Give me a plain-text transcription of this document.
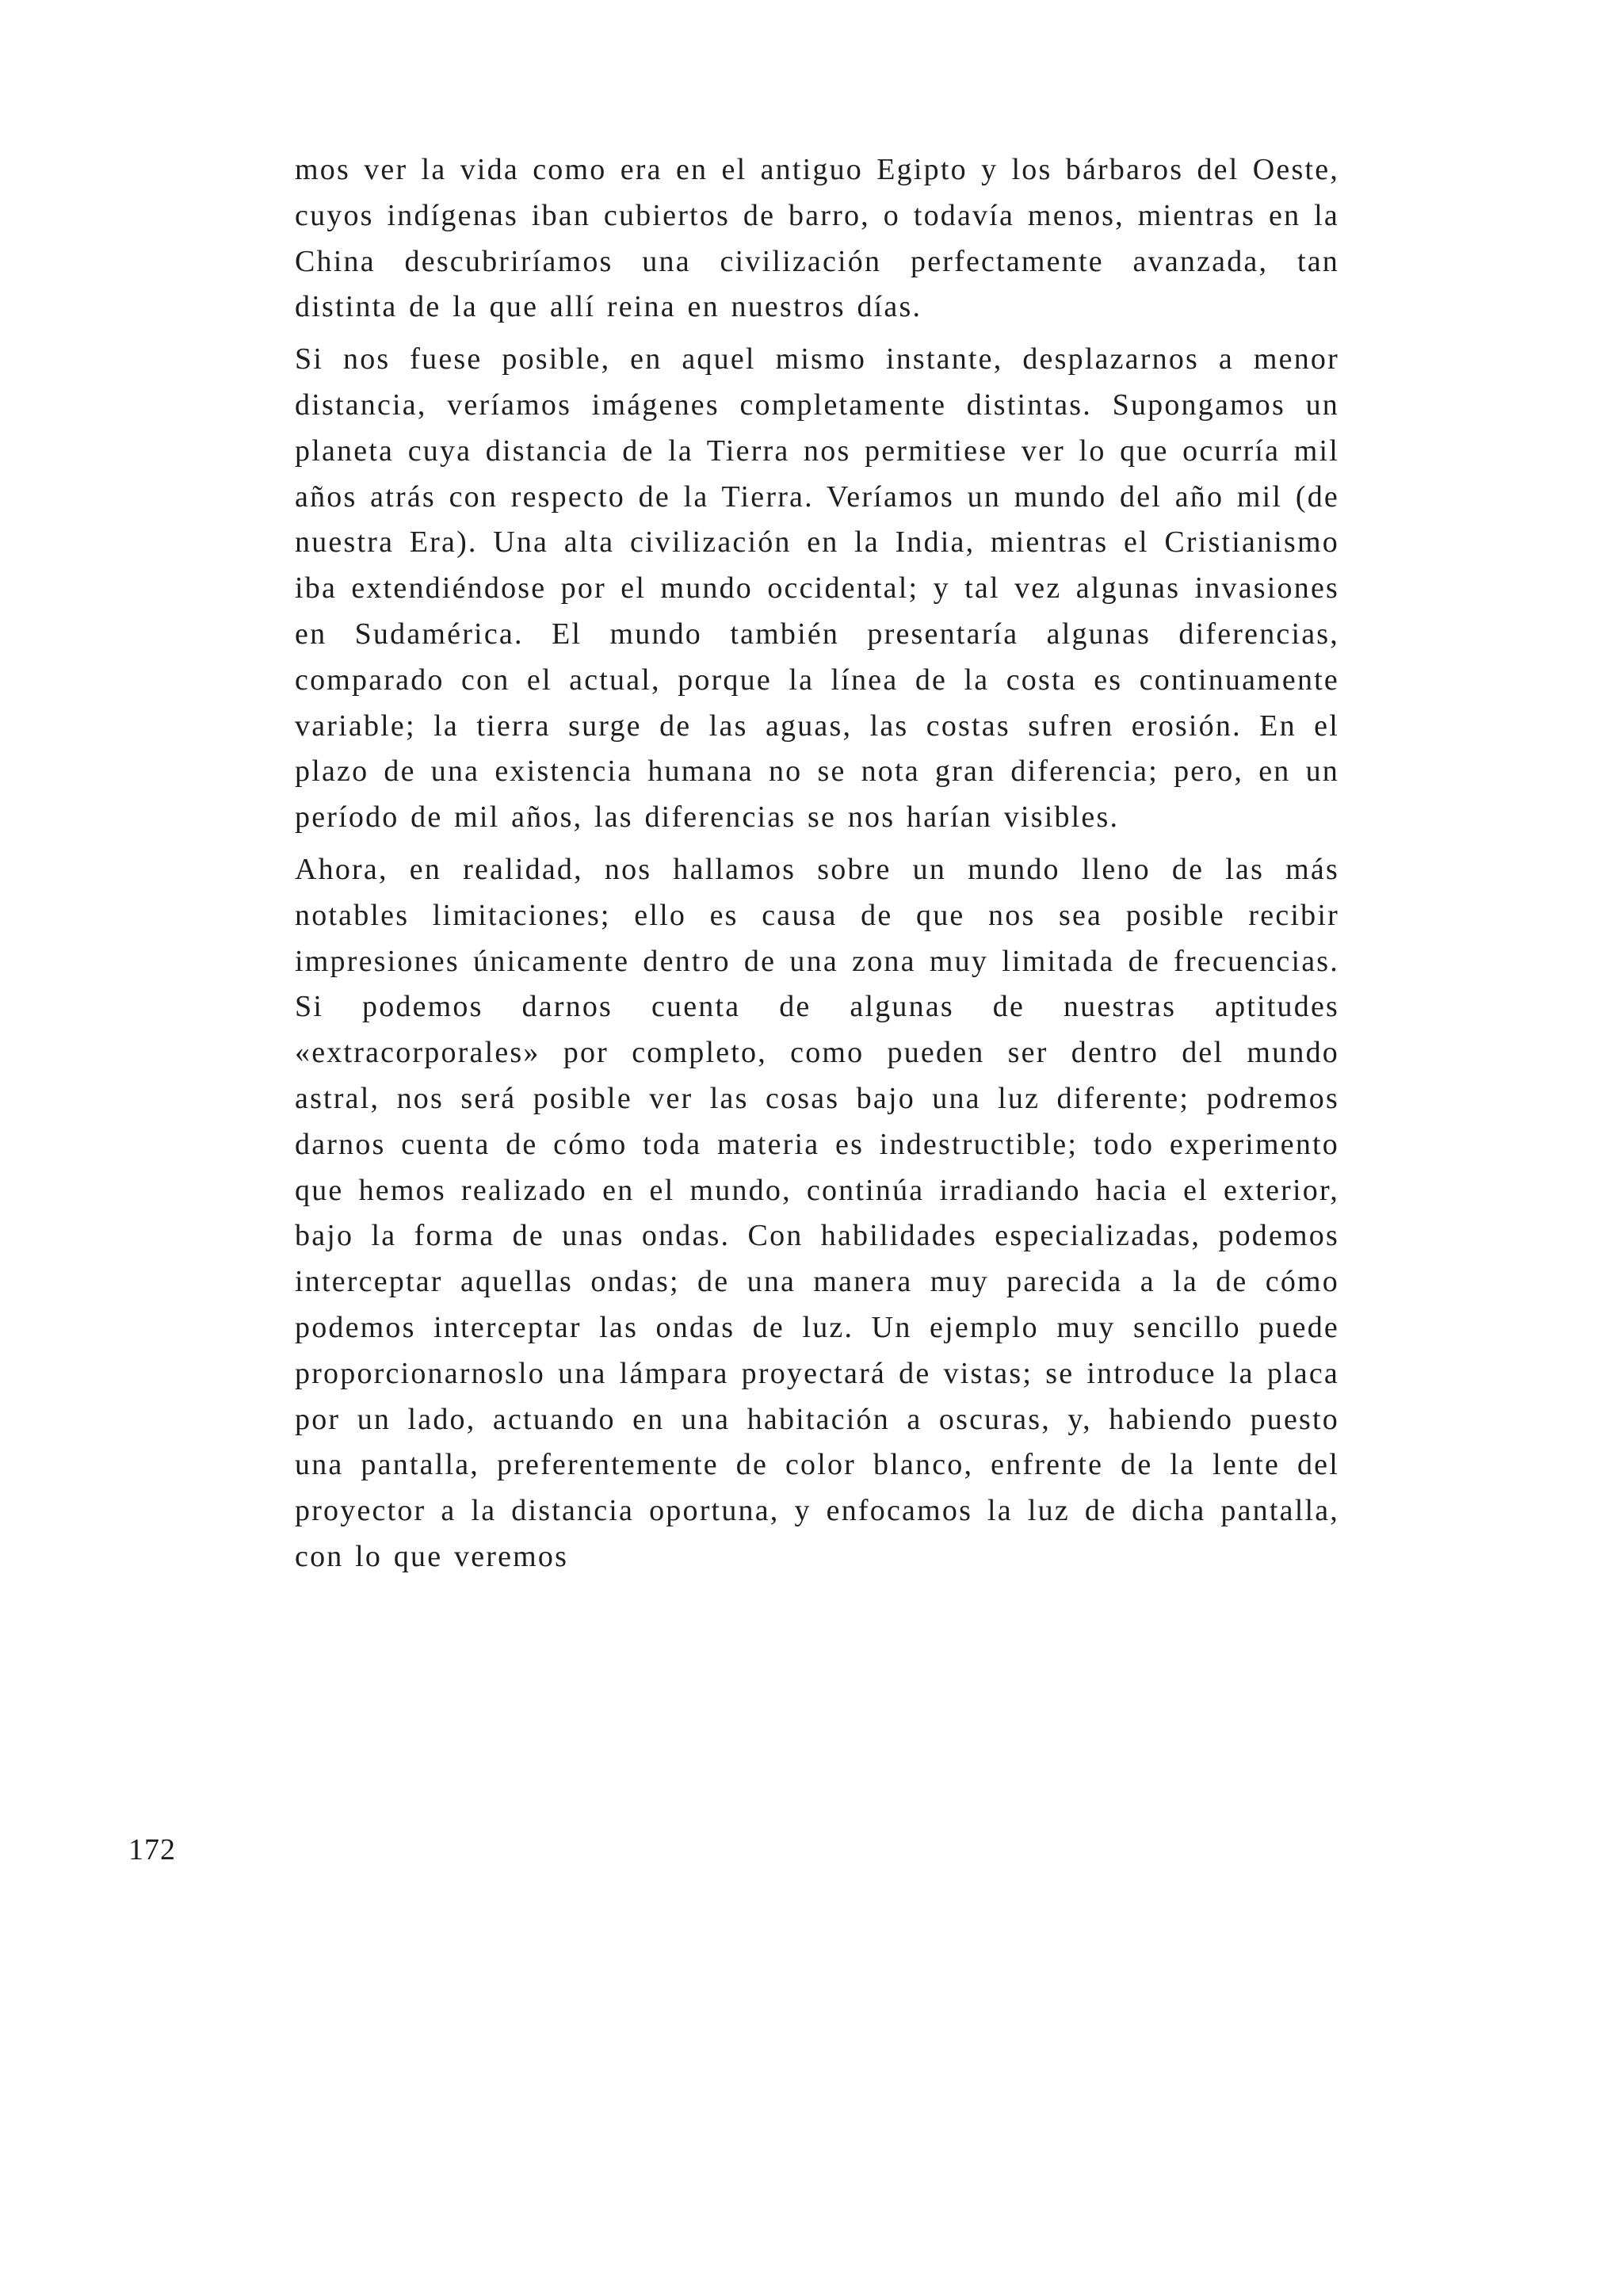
mos ver la vida como era en el antiguo Egipto y los bárbaros del Oeste, cuyos indígenas iban cubiertos de barro, o todavía menos, mientras en la China descubriríamos una civilización perfectamente avanzada, tan distinta de la que allí reina en nuestros días.

Si nos fuese posible, en aquel mismo instante, desplazarnos a menor distancia, veríamos imágenes completamente distintas. Supongamos un planeta cuya distancia de la Tierra nos permitiese ver lo que ocurría mil años atrás con respecto de la Tierra. Veríamos un mundo del año mil (de nuestra Era). Una alta civilización en la India, mientras el Cristianismo iba extendiéndose por el mundo occidental; y tal vez algunas invasiones en Sudamérica. El mundo también presentaría algunas diferencias, comparado con el actual, porque la línea de la costa es continuamente variable; la tierra surge de las aguas, las costas sufren erosión. En el plazo de una existencia humana no se nota gran diferencia; pero, en un período de mil años, las diferencias se nos harían visibles.

Ahora, en realidad, nos hallamos sobre un mundo lleno de las más notables limitaciones; ello es causa de que nos sea posible recibir impresiones únicamente dentro de una zona muy limitada de frecuencias. Si podemos darnos cuenta de algunas de nuestras aptitudes «extracorporales» por completo, como pueden ser dentro del mundo astral, nos será posible ver las cosas bajo una luz diferente; podremos darnos cuenta de cómo toda materia es indestructible; todo experimento que hemos realizado en el mundo, continúa irradiando hacia el exterior, bajo la forma de unas ondas. Con habilidades especializadas, podemos interceptar aquellas ondas; de una manera muy parecida a la de cómo podemos interceptar las ondas de luz. Un ejemplo muy sencillo puede proporcionarnoslo una lámpara proyectará de vistas; se introduce la placa por un lado, actuando en una habitación a oscuras, y, habiendo puesto una pantalla, preferentemente de color blanco, enfrente de la lente del proyector a la distancia oportuna, y enfocamos la luz de dicha pantalla, con lo que veremos

172
